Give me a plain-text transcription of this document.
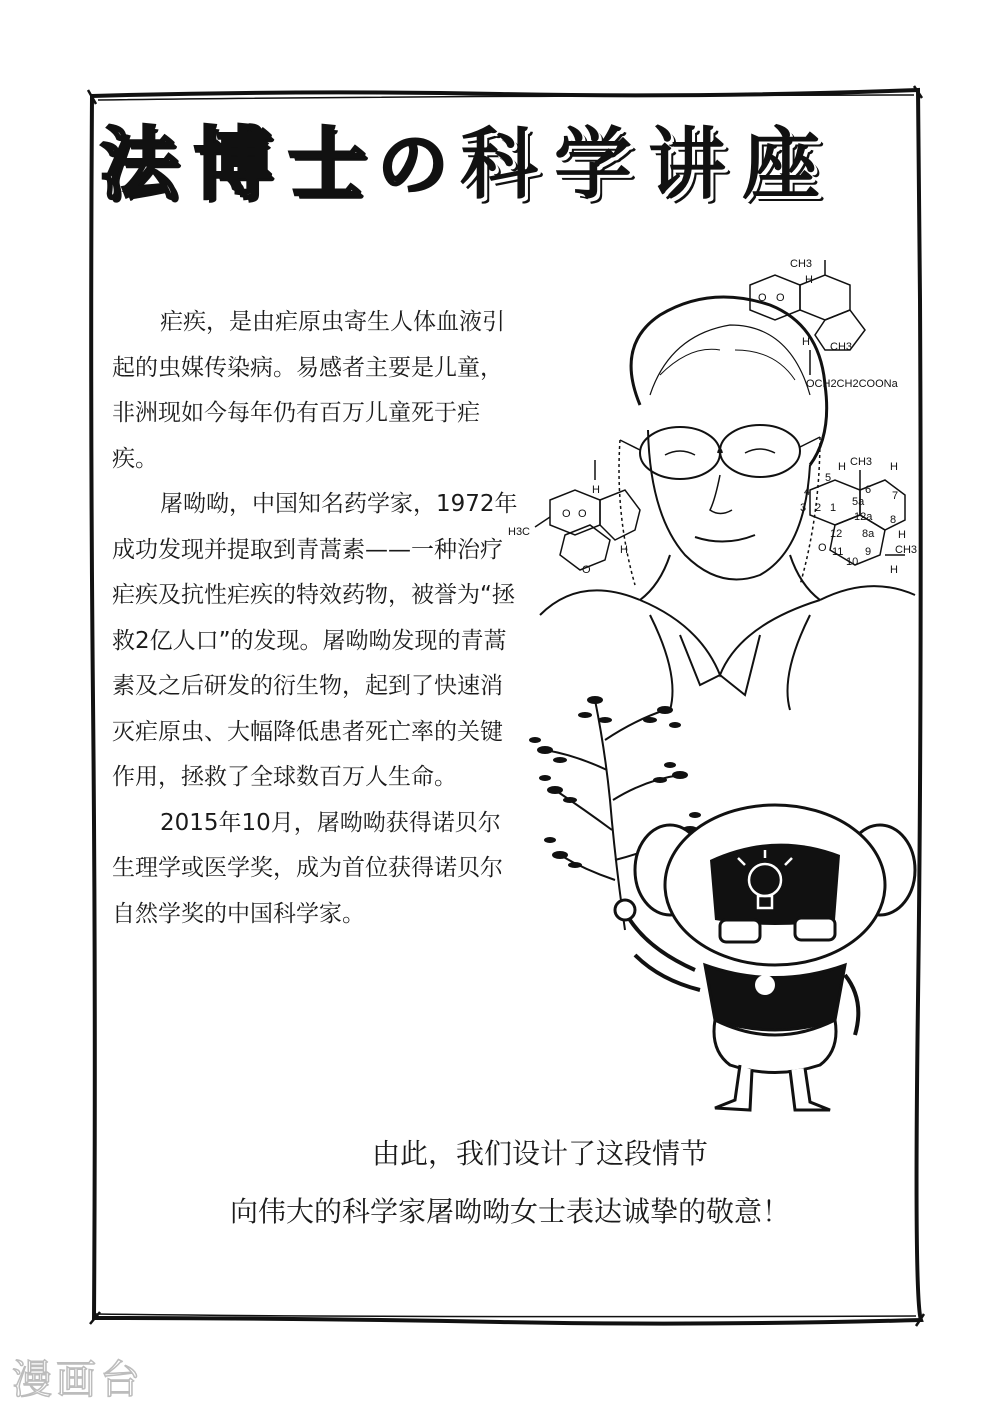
法博士
の 科学讲座

疟疾，是由疟原虫寄生人体血液引起的虫媒传染病。易感者主要是儿童，非洲现如今每年仍有百万儿童死于疟疾。

屠呦呦，中国知名药学家，1972年成功发现并提取到青蒿素——一种治疗疟疾及抗性疟疾的特效药物，被誉为“拯救2亿人口”的发现。屠呦呦发现的青蒿素及之后研发的衍生物，起到了快速消灭疟原虫、大幅降低患者死亡率的关键作用，拯救了全球数百万人生命。

2015年10月，屠呦呦获得诺贝尔生理学或医学奖，成为首位获得诺贝尔自然学奖的中国科学家。

CH3
H
O O
H CH3
OCH2CH2COONa
H3C
O O
H
H
O
CH3 H
H
5
6 7
4
3 2 1 5a
12a 8
8a
12
11
10
9
O	CH3
H
H

由此，我们设计了这段情节

向伟大的科学家屠呦呦女士表达诚挚的敬意！

漫画台
